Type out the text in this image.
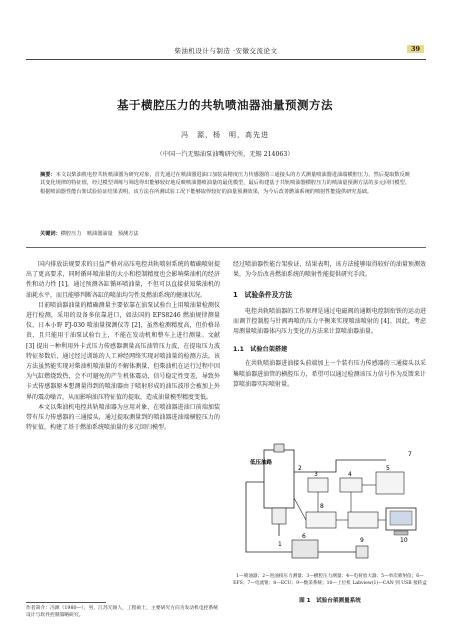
柴油机设计与制造 ·安徽交流论文	39
基于横腔压力的共轨喷油器油量预测方法
冯　源，杨　明，高先进
（中国一汽无锡油泵油嘴研究所，无锡 214063）
摘要：本文以柴油机电控共轨喷油器为研究对象，首先通过在喷油器进油口加装高精度压力传感器的三通接头的方式测量喷油器进油端横腔压力，然后提取数反映其变化规律的特征值，经过模型训练与筛选得出能够较好地反映喷油器喷油量的最优模型，最后构建基于共轨喷油器横腔压力的喷油量预测方法的多元回归模型。根据喷油器性能台架试验验证结果表明，该方法在所测试验工况下能够取得较好的油量预测效果，为今后改善燃油系统的喷射性能提供研究基础。
关键词：横腔压力　喷油器油量　预测方法

国内排放法规要求的日益严格对高压电控共轨喷射系统的精确喷射提出了更高要求，同时循环喷油量的大小和控制精度也会影响柴油机的经济性和动力性 [1]。通过预测各缸循环喷油量，不但可以直接获知柴油机的油耗水平，而且能够判断各缸的喷油均匀性及燃油系统的健康状况。

目前喷油器油量的精确测量主要依靠在油泵试验台上用喷油量检测仪进行检测，采用的设备多依靠进口，如法国的 EFS8246 燃油规律测量仪，日本小野 FJ-030 喷油量探测仪等 [2]，虽然检测精度高，但价格昂贵，且只能用于油泵试验台上，不能在发动机和整车上进行测量。文献 [3] 提出一种利用外卡式压力传感器测量高压油管压力波，在提取压力波特征参数后，通过经过训练的人工神经网络实现对喷油量的检测方法。该方法虽然能实现对柴油机喷油量的不解体测量，但柴油机在运行过程中因为气缸燃烧致热，会不可避免的产生机体震动，信号稳定性变差，导致外卡式传感器原本想测量得到的喷油器由于喷射形成的油压波形会被加上外界的震动噪音，从而影响油压特征值的提取，造成油量模型精度变低。

本文以柴油机电控共轨喷油器为应用对象，在喷油器进油口前端加装带有压力传感器的三通接头，通过提取测量到的喷油器进油端横腔压力的特征值，构建了基于燃油系统喷油量的多元回归模型。

作者简介：冯源（1980—），男，江苏无锡人，工程硕士，主要研究方向为发动机电控系统设计与软件控制策略研究。

经过喷油器性能台架验证，结果表明，该方法能够取得较好的油量预测效果，为今后改善燃油系统的喷射性能提供研究手段。

1　试验条件及方法

电控共轨喷油器的工作原理是通过电磁阀的通断电控制衔铁的运动进而调节控制腔与针阀再喷的压力平衡来实现喷油喷射的 [4]。因此，考虑用测量喷油器体内压力变化的方法来计算喷油器油量。

1.1　试验台架搭建

在共轨喷油器进油接头前端加上一个装有压力传感器的三通接头以采集喷油器进油管的横腔压力，希望可以通过检测该压力信号作为反馈来计算喷油器实际喷射量。

低压油路
1
2
3	4
5
6
7
8
9	10
1—喷油器；2—进油接压力测量；3—横腔压力测量；4—电荷放大器；5—单次喷射仪；6—EFS；7—电流钳；8—ECU；9—数采系统；10—上位机 Labview(1)—CAN 到 USB 接转盒
图 1　试验台架测量系统
